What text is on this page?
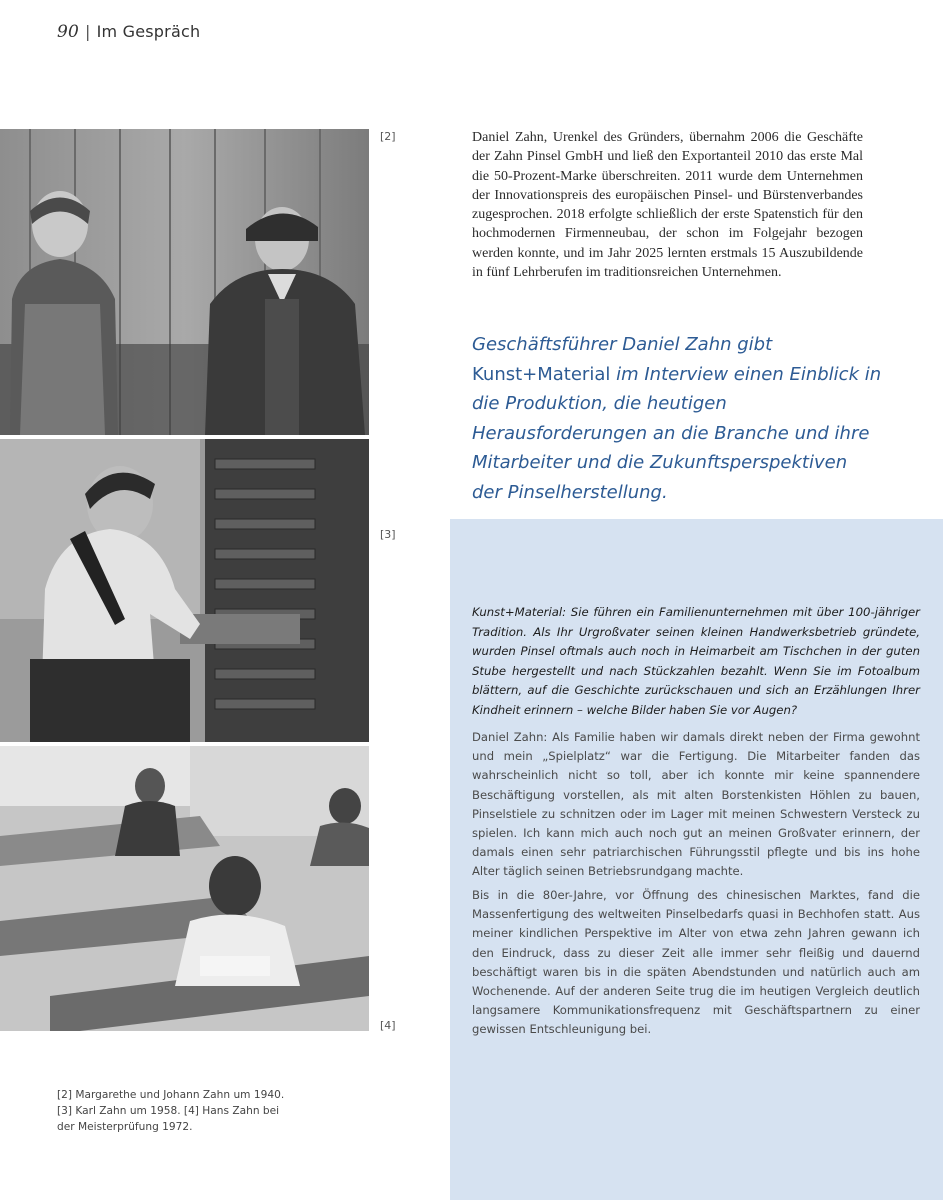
90 | Im Gespräch
[2]
[3]
[4]

Daniel Zahn, Urenkel des Gründers, übernahm 2006 die Geschäfte der Zahn Pinsel GmbH und ließ den Exportanteil 2010 das erste Mal die 50-Prozent-Marke überschreiten. 2011 wurde dem Unternehmen der Innovationspreis des europäischen Pinsel- und Bürstenverbandes zugesprochen. 2018 erfolgte schließlich der erste Spatenstich für den hochmodernen Firmenneubau, der schon im Folgejahr bezogen werden konnte, und im Jahr 2025 lernten erstmals 15 Auszubildende in fünf Lehrberufen im traditionsreichen Unternehmen.

Geschäftsführer Daniel Zahn gibt Kunst+Material im Interview einen Einblick in die Produktion, die heutigen Herausforderungen an die Branche und ihre Mitarbeiter und die Zukunftsperspektiven der Pinselherstellung.

Kunst+Material: Sie führen ein Familienunternehmen mit über 100-jähriger Tradition. Als Ihr Urgroßvater seinen kleinen Handwerksbetrieb gründete, wurden Pinsel oftmals auch noch in Heimarbeit am Tischchen in der guten Stube hergestellt und nach Stückzahlen bezahlt. Wenn Sie im Fotoalbum blättern, auf die Geschichte zurückschauen und sich an Erzählungen Ihrer Kindheit erinnern – welche Bilder haben Sie vor Augen?

Daniel Zahn: Als Familie haben wir damals direkt neben der Firma gewohnt und mein „Spielplatz“ war die Fertigung. Die Mitarbeiter fanden das wahrscheinlich nicht so toll, aber ich konnte mir keine spannendere Beschäftigung vorstellen, als mit alten Borstenkisten Höhlen zu bauen, Pinselstiele zu schnitzen oder im Lager mit meinen Schwestern Versteck zu spielen. Ich kann mich auch noch gut an meinen Großvater erinnern, der damals einen sehr patriarchischen Führungsstil pflegte und bis ins hohe Alter täglich seinen Betriebsrundgang machte.

Bis in die 80er-Jahre, vor Öffnung des chinesischen Marktes, fand die Massenfertigung des weltweiten Pinselbedarfs quasi in Bechhofen statt. Aus meiner kindlichen Perspektive im Alter von etwa zehn Jahren gewann ich den Eindruck, dass zu dieser Zeit alle immer sehr fleißig und dauernd beschäftigt waren bis in die späten Abendstunden und natürlich auch am Wochenende. Auf der anderen Seite trug die im heutigen Vergleich deutlich langsamere Kommunikationsfrequenz mit Geschäftspartnern zu einer gewissen Entschleunigung bei.

[2] Margarethe und Johann Zahn um 1940.
[3] Karl Zahn um 1958. [4] Hans Zahn bei
der Meisterprüfung 1972.
